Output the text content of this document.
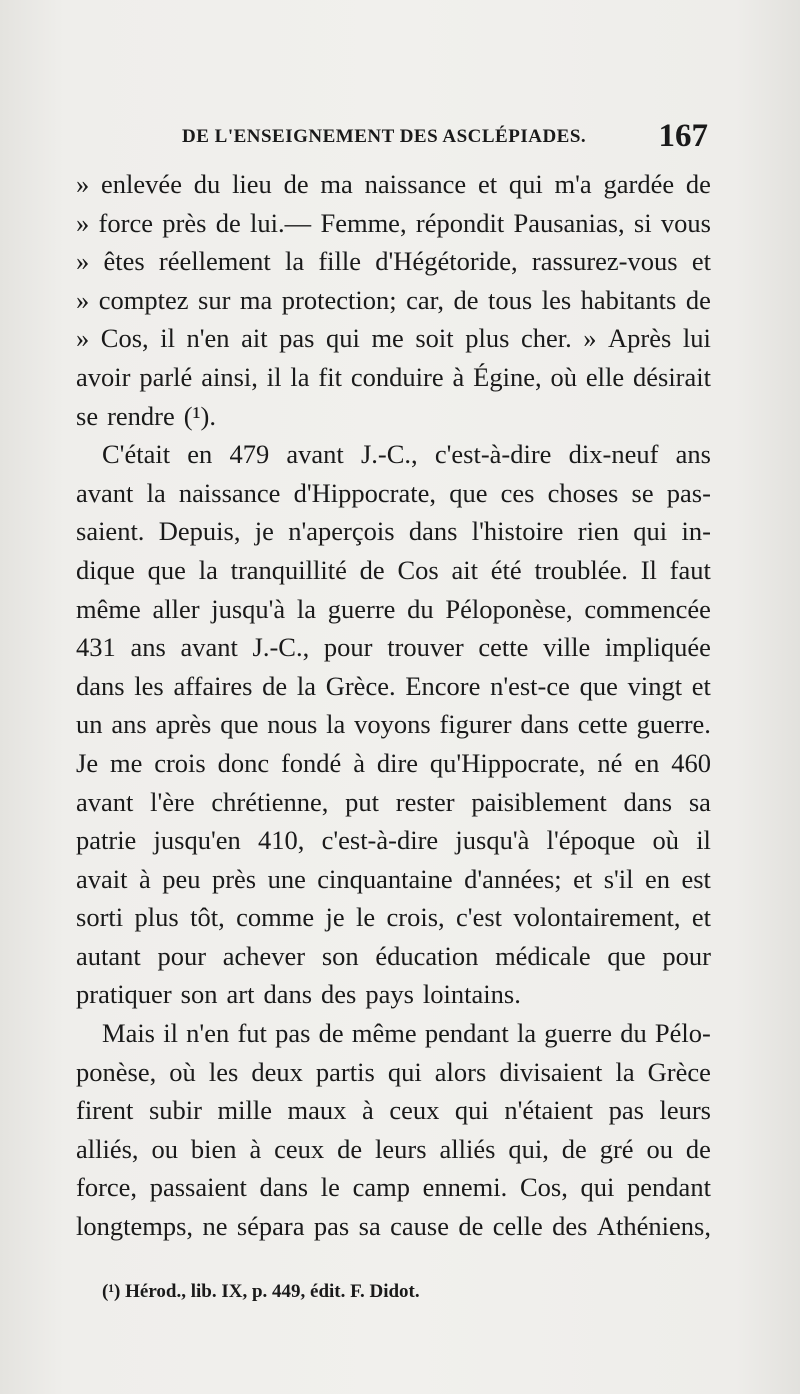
DE L'ENSEIGNEMENT DES ASCLÉPIADES. 167
» enlevée du lieu de ma naissance et qui m'a gardée de
» force près de lui.— Femme, répondit Pausanias, si vous
» êtes réellement la fille d'Hégétoride, rassurez-vous et
» comptez sur ma protection; car, de tous les habitants de
» Cos, il n'en ait pas qui me soit plus cher. » Après lui
avoir parlé ainsi, il la fit conduire à Égine, où elle désirait
se rendre (¹).
C'était en 479 avant J.-C., c'est-à-dire dix-neuf ans
avant la naissance d'Hippocrate, que ces choses se pas-
saient. Depuis, je n'aperçois dans l'histoire rien qui in-
dique que la tranquillité de Cos ait été troublée. Il faut
même aller jusqu'à la guerre du Péloponèse, commencée
431 ans avant J.-C., pour trouver cette ville impliquée
dans les affaires de la Grèce. Encore n'est-ce que vingt et
un ans après que nous la voyons figurer dans cette guerre.
Je me crois donc fondé à dire qu'Hippocrate, né en 460
avant l'ère chrétienne, put rester paisiblement dans sa
patrie jusqu'en 410, c'est-à-dire jusqu'à l'époque où il
avait à peu près une cinquantaine d'années; et s'il en est
sorti plus tôt, comme je le crois, c'est volontairement, et
autant pour achever son éducation médicale que pour
pratiquer son art dans des pays lointains.
Mais il n'en fut pas de même pendant la guerre du Pélo-
ponèse, où les deux partis qui alors divisaient la Grèce
firent subir mille maux à ceux qui n'étaient pas leurs
alliés, ou bien à ceux de leurs alliés qui, de gré ou de
force, passaient dans le camp ennemi. Cos, qui pendant
longtemps, ne sépara pas sa cause de celle des Athéniens,
(¹) Hérod., lib. IX, p. 449, édit. F. Didot.
